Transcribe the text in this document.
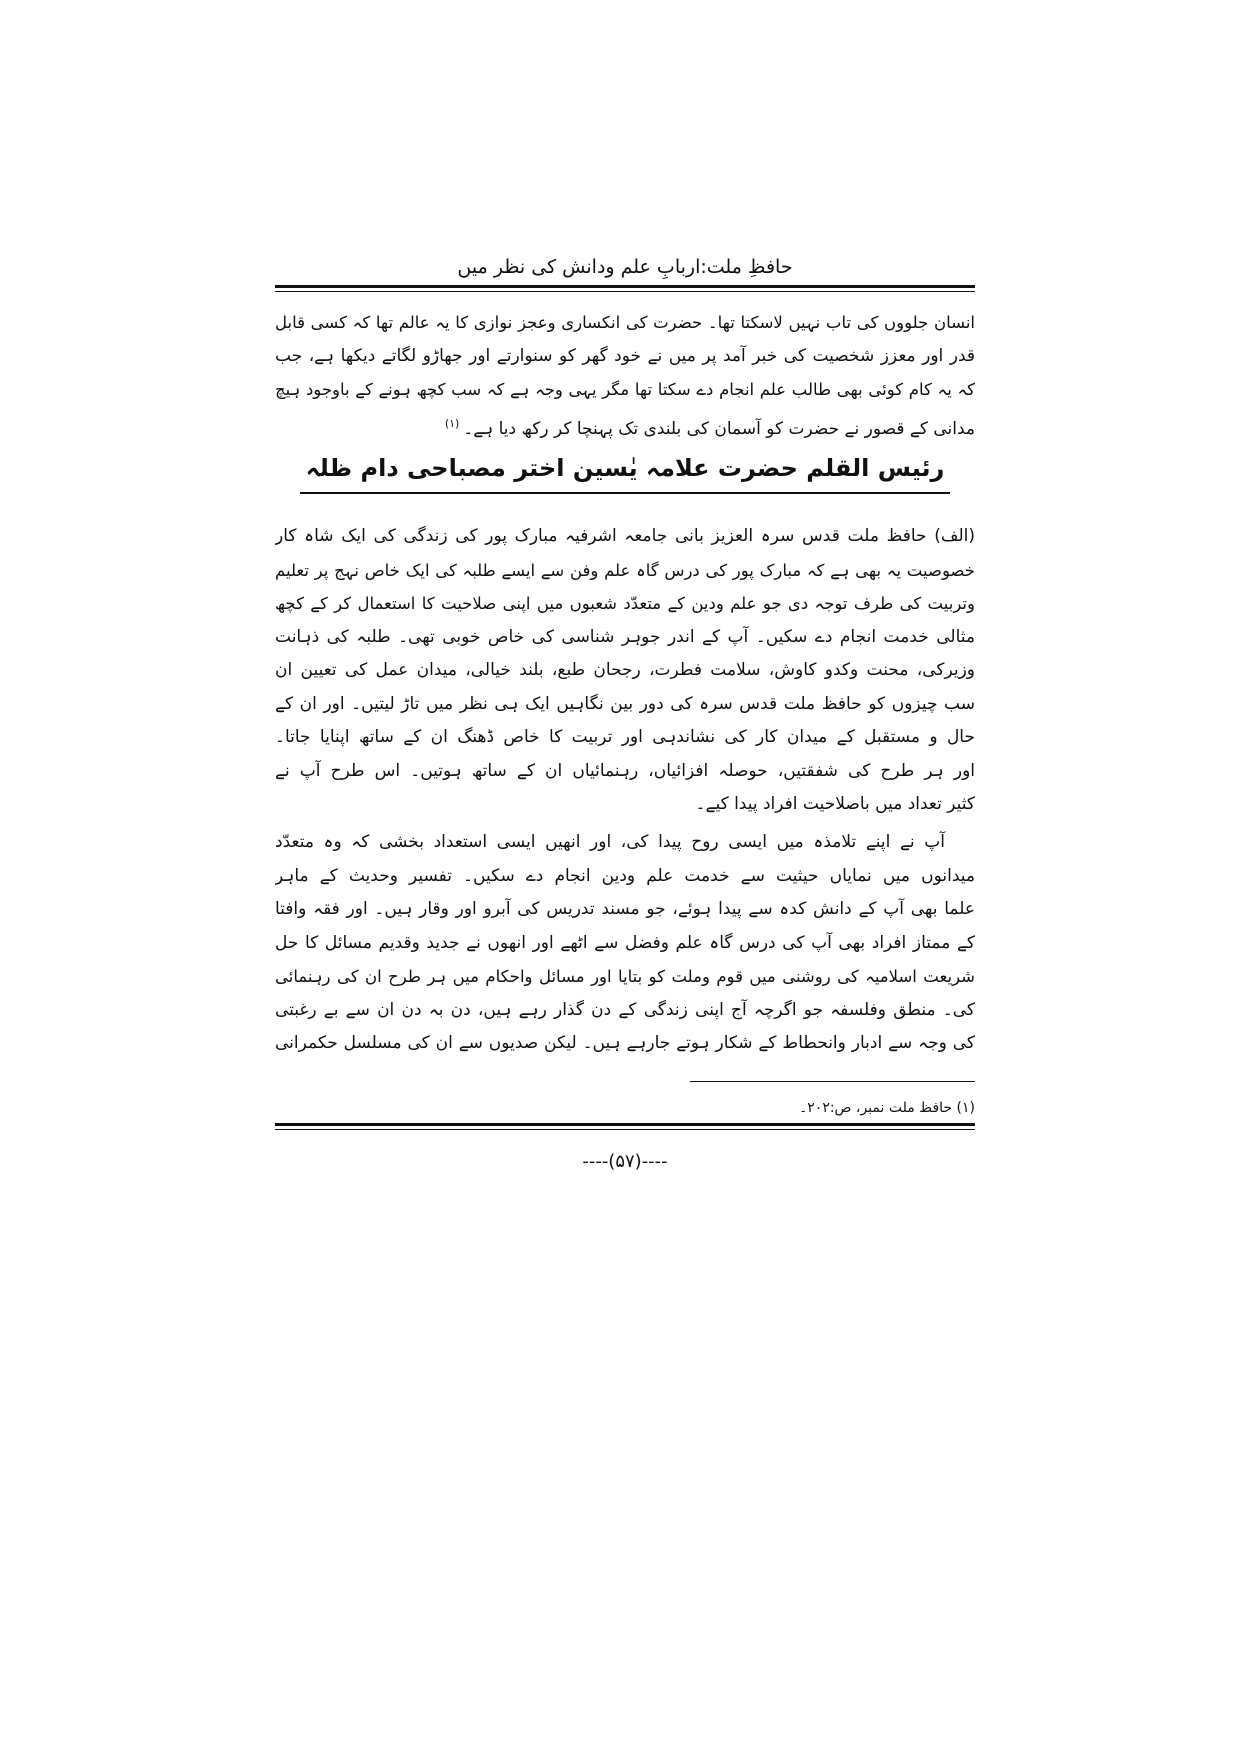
حافظِ ملت:اربابِ علم ودانش کی نظر میں
انسان جلووں کی تاب نہیں لاسکتا تھا۔ حضرت کی انکساری وعجز نوازی کا یہ عالم تھا کہ کسی قابل
قدر اور معزز شخصیت کی خبر آمد پر میں نے خود گھر کو سنوارتے اور جھاڑو لگاتے دیکھا ہے، جب
کہ یہ کام کوئی بھی طالب علم انجام دے سکتا تھا مگر یہی وجہ ہے کہ سب کچھ ہونے کے باوجود ہیچ
مدانی کے قصور نے حضرت کو آسمان کی بلندی تک پہنچا کر رکھ دیا ہے۔$^{(۱)}$
رئیس القلم حضرت علامہ یٰسین اختر مصباحی دام ظلہ
(الف) حافظ ملت قدس سرہ العزیز بانی جامعہ اشرفیہ مبارک پور کی زندگی کی ایک شاہ کار
خصوصیت یہ بھی ہے کہ مبارک پور کی درس گاہ علم وفن سے ایسے طلبہ کی ایک خاص نہج پر تعلیم
وتربیت کی طرف توجہ دی جو علم ودین کے متعدّد شعبوں میں اپنی صلاحیت کا استعمال کر کے کچھ
مثالی خدمت انجام دے سکیں۔ آپ کے اندر جوہر شناسی کی خاص خوبی تھی۔ طلبہ کی ذہانت
وزیرکی، محنت وکدو کاوش، سلامت فطرت، رجحان طبع، بلند خیالی، میدان عمل کی تعیین ان
سب چیزوں کو حافظ ملت قدس سرہ کی دور بین نگاہیں ایک ہی نظر میں تاڑ لیتیں۔ اور ان کے
حال و مستقبل کے میدان کار کی نشاندہی اور تربیت کا خاص ڈھنگ ان کے ساتھ اپنایا جاتا۔
اور ہر طرح کی شفقتیں، حوصلہ افزائیاں، رہنمائیاں ان کے ساتھ ہوتیں۔ اس طرح آپ نے
کثیر تعداد میں باصلاحیت افراد پیدا کیے۔
آپ نے اپنے تلامذہ میں ایسی روح پیدا کی، اور انھیں ایسی استعداد بخشی کہ وہ متعدّد
میدانوں میں نمایاں حیثیت سے خدمت علم ودین انجام دے سکیں۔ تفسیر وحدیث کے ماہر
علما بھی آپ کے دانش کدہ سے پیدا ہوئے، جو مسند تدریس کی آبرو اور وقار ہیں۔ اور فقہ وافتا
کے ممتاز افراد بھی آپ کی درس گاہ علم وفضل سے اٹھے اور انھوں نے جدید وقدیم مسائل کا حل
شریعت اسلامیہ کی روشنی میں قوم وملت کو بتایا اور مسائل واحکام میں ہر طرح ان کی رہنمائی
کی۔ منطق وفلسفہ جو اگرچہ آج اپنی زندگی کے دن گذار رہے ہیں، دن بہ دن ان سے بے رغبتی
کی وجہ سے ادبار وانحطاط کے شکار ہوتے جارہے ہیں۔ لیکن صدیوں سے ان کی مسلسل حکمرانی
(۱) حافظ ملت نمبر، ص:۲۰۲۔
----(۵۷)----
